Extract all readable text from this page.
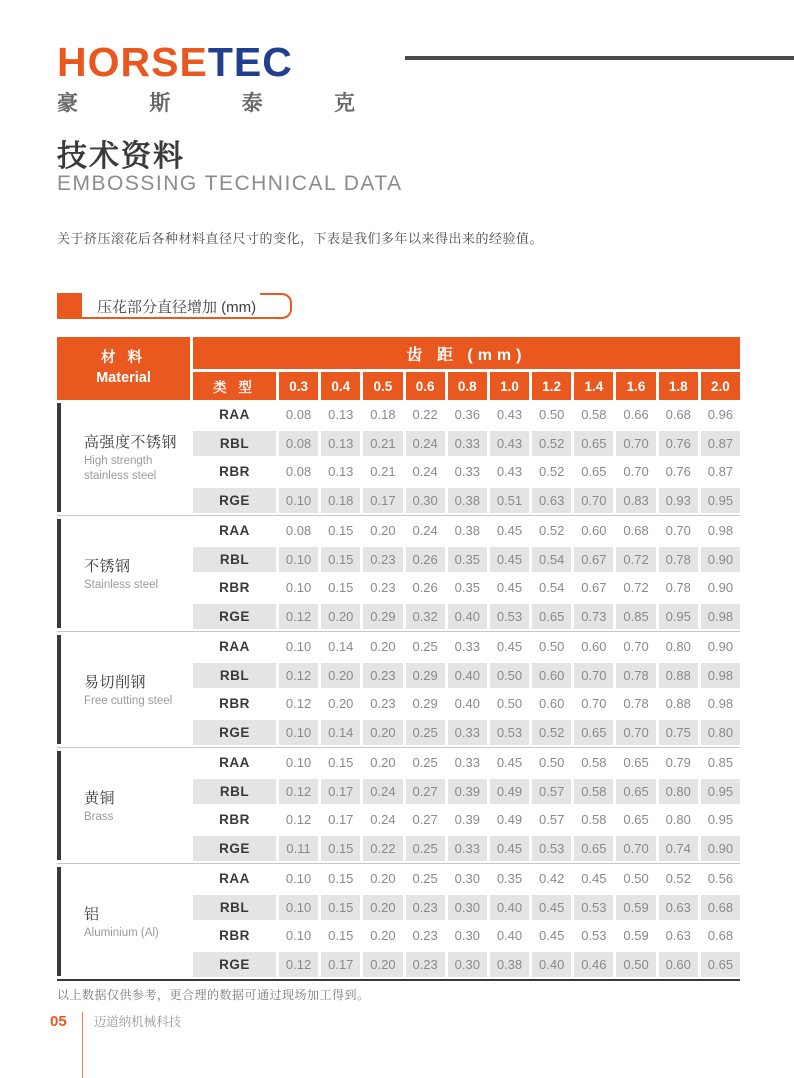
HORSETEC
豪	斯	泰	克
技术资料
EMBOSSING TECHNICAL DATA
关于挤压滚花后各种材料直径尺寸的变化，下表是我们多年以来得出来的经验值。
压花部分直径增加 (mm)
材 料
Material
齿 距 (mm)
类 型	0.3	0.4	0.5	0.6	0.8	1.0	1.2	1.4	1.6	1.8	2.0
高强度不锈钢
High strength stainless steel
RAA	0.08	0.13	0.18	0.22	0.36	0.43	0.50	0.58	0.66	0.68	0.96
RBL	0.08	0.13	0.21	0.24	0.33	0.43	0.52	0.65	0.70	0.76	0.87
RBR	0.08	0.13	0.21	0.24	0.33	0.43	0.52	0.65	0.70	0.76	0.87
RGE	0.10	0.18	0.17	0.30	0.38	0.51	0.63	0.70	0.83	0.93	0.95
不锈钢
Stainless steel
RAA	0.08	0.15	0.20	0.24	0.38	0.45	0.52	0.60	0.68	0.70	0.98
RBL	0.10	0.15	0.23	0.26	0.35	0.45	0.54	0.67	0.72	0.78	0.90
RBR	0.10	0.15	0.23	0.26	0.35	0.45	0.54	0.67	0.72	0.78	0.90
RGE	0.12	0.20	0.29	0.32	0.40	0.53	0.65	0.73	0.85	0.95	0.98
易切削钢
Free cutting steel
RAA	0.10	0.14	0.20	0.25	0.33	0.45	0.50	0.60	0.70	0.80	0.90
RBL	0.12	0.20	0.23	0.29	0.40	0.50	0.60	0.70	0.78	0.88	0.98
RBR	0.12	0.20	0.23	0.29	0.40	0.50	0.60	0.70	0.78	0.88	0.98
RGE	0.10	0.14	0.20	0.25	0.33	0.53	0.52	0.65	0.70	0.75	0.80
黄铜
Brass
RAA	0.10	0.15	0.20	0.25	0.33	0.45	0.50	0.58	0.65	0.79	0.85
RBL	0.12	0.17	0.24	0.27	0.39	0.49	0.57	0.58	0.65	0.80	0.95
RBR	0.12	0.17	0.24	0.27	0.39	0.49	0.57	0.58	0.65	0.80	0.95
RGE	0.11	0.15	0.22	0.25	0.33	0.45	0.53	0.65	0.70	0.74	0.90
铝
Aluminium (Al)
RAA	0.10	0.15	0.20	0.25	0.30	0.35	0.42	0.45	0.50	0.52	0.56
RBL	0.10	0.15	0.20	0.23	0.30	0.40	0.45	0.53	0.59	0.63	0.68
RBR	0.10	0.15	0.20	0.23	0.30	0.40	0.45	0.53	0.59	0.63	0.68
RGE	0.12	0.17	0.20	0.23	0.30	0.38	0.40	0.46	0.50	0.60	0.65
以上数据仅供参考，更合理的数据可通过现场加工得到。
05	迈道纳机械科技
